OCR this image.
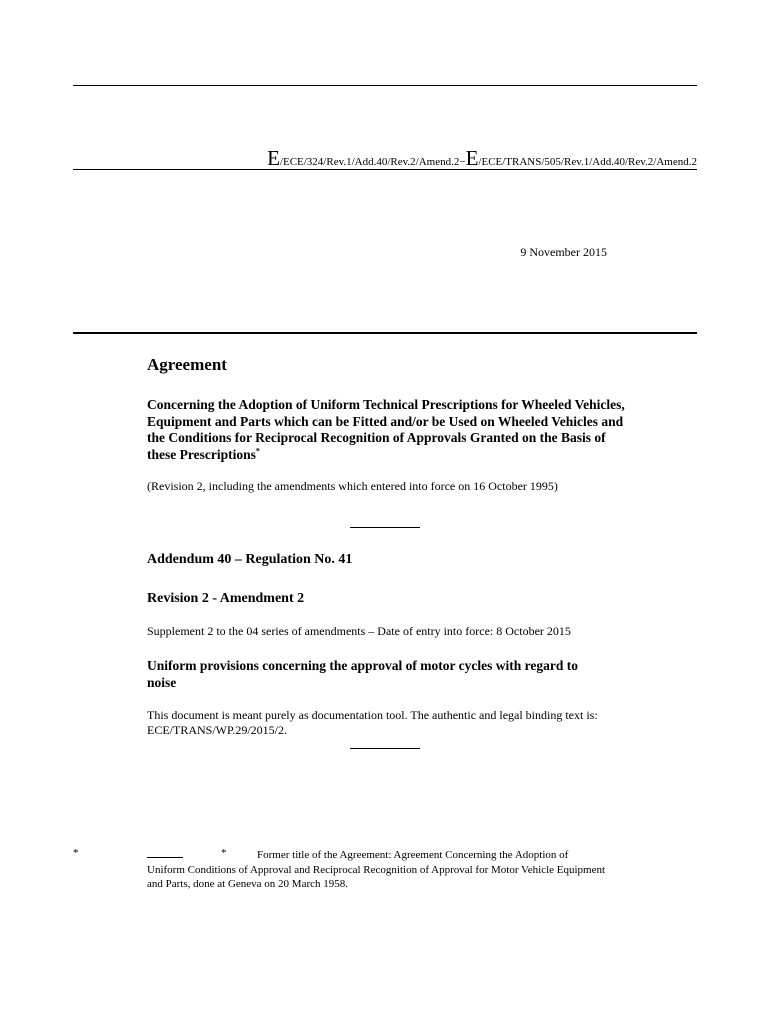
E/ECE/324/Rev.1/Add.40/Rev.2/Amend.2−E/ECE/TRANS/505/Rev.1/Add.40/Rev.2/Amend.2
9 November 2015
Agreement
Concerning the Adoption of Uniform Technical Prescriptions for Wheeled Vehicles, Equipment and Parts which can be Fitted and/or be Used on Wheeled Vehicles and the Conditions for Reciprocal Recognition of Approvals Granted on the Basis of these Prescriptions*
(Revision 2, including the amendments which entered into force on 16 October 1995)
Addendum 40 – Regulation No. 41
Revision 2 - Amendment 2
Supplement 2 to the 04 series of amendments – Date of entry into force: 8 October 2015
Uniform provisions concerning the approval of motor cycles with regard to noise
This document is meant purely as documentation tool. The authentic and legal binding text is: ECE/TRANS/WP.29/2015/2.
*	*	Former title of the Agreement: Agreement Concerning the Adoption of Uniform Conditions of Approval and Reciprocal Recognition of Approval for Motor Vehicle Equipment and Parts, done at Geneva on 20 March 1958.
